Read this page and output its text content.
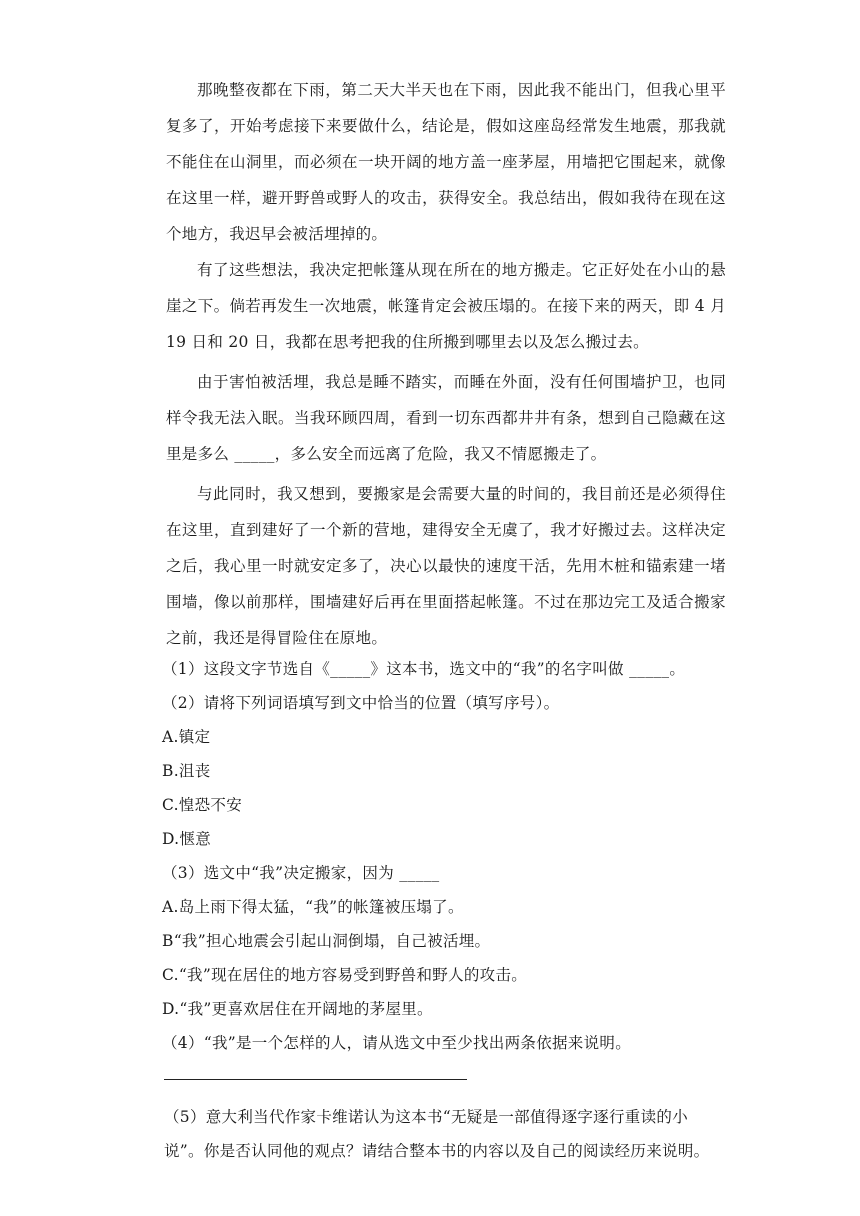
那晚整夜都在下雨，第二天大半天也在下雨，因此我不能出门，但我心里平复多了，开始考虑接下来要做什么，结论是，假如这座岛经常发生地震，那我就不能住在山洞里，而必须在一块开阔的地方盖一座茅屋，用墙把它围起来，就像在这里一样，避开野兽或野人的攻击，获得安全。我总结出，假如我待在现在这个地方，我迟早会被活埋掉的。

有了这些想法，我决定把帐篷从现在所在的地方搬走。它正好处在小山的悬崖之下。倘若再发生一次地震，帐篷肯定会被压塌的。在接下来的两天，即 4 月 19 日和 20 日，我都在思考把我的住所搬到哪里去以及怎么搬过去。

由于害怕被活埋，我总是睡不踏实，而睡在外面，没有任何围墙护卫，也同样令我无法入眠。当我环顾四周，看到一切东西都井井有条，想到自己隐藏在这里是多么 _____，多么安全而远离了危险，我又不情愿搬走了。

与此同时，我又想到，要搬家是会需要大量的时间的，我目前还是必须得住在这里，直到建好了一个新的营地，建得安全无虞了，我才好搬过去。这样决定之后，我心里一时就安定多了，决心以最快的速度干活，先用木桩和锚索建一堵围墙，像以前那样，围墙建好后再在里面搭起帐篷。不过在那边完工及适合搬家之前，我还是得冒险住在原地。

（1）这段文字节选自《_____》这本书，选文中的“我”的名字叫做 _____。

（2）请将下列词语填写到文中恰当的位置（填写序号）。

A.镇定

B.沮丧

C.惶恐不安

D.惬意

（3）选文中“我”决定搬家，因为 _____

A.岛上雨下得太猛，“我”的帐篷被压塌了。

B“我”担心地震会引起山洞倒塌，自己被活埋。

C.“我”现在居住的地方容易受到野兽和野人的攻击。

D.“我”更喜欢居住在开阔地的茅屋里。

（4）“我”是一个怎样的人，请从选文中至少找出两条依据来说明。

（5）意大利当代作家卡维诺认为这本书“无疑是一部值得逐字逐行重读的小说”。你是否认同他的观点？请结合整本书的内容以及自己的阅读经历来说明。
